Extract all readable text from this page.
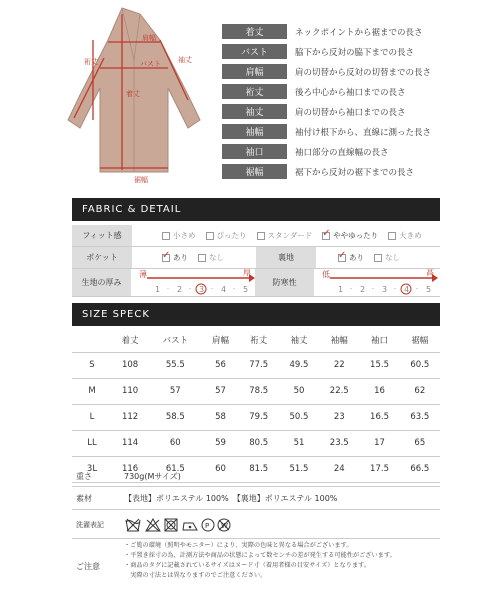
肩幅
バスト
裄丈	袖丈
着丈
裾幅
着丈	ネックポイントから裾までの長さ
バスト	脇下から反対の脇下までの長さ
肩幅	肩の切替から反対の切替までの長さ
裄丈	後ろ中心から袖口までの長さ
袖丈	肩の切替から袖口までの長さ
袖幅	袖付け根下から、直線に測った長さ
袖口	袖口部分の直線幅の長さ
裾幅	裾下から反対の裾下までの長さ
FABRIC & DETAIL
フィット感	小さめ	ぴったり	スタンダード ✓	ややゆったり	大きめ
ポケット ✓	あり	なし	裏地 ✓	あり	なし
生地の厚み
薄	厚
1 ・ 2 ・ 3 ・ 4 ・ 5
防寒性
低	高
1 ・ 2 ・ 3 ・ 4 ・ 5
SIZE SPECK
	着丈	バスト	肩幅	裄丈	袖丈	袖幅	袖口	裾幅
S	108	55.5	56	77.5	49.5	22	15.5	60.5
M	110	57	57	78.5	50	22.5	16	62
L	112	58.5	58	79.5	50.5	23	16.5	63.5
LL	114	60	59	80.5	51	23.5	17	65
3L	116	61.5	60	81.5	51.5	24	17.5	66.5
重さ	730g(Mサイズ)
素材	【表地】ポリエステル 100%　【裏地】ポリエステル 100%
洗濯表記	P W
ご注意
・ご覧の環境（照明やモニター）により、実際の色味と異なる場合がございます。
・平置き採寸の為、計測方法や商品の状態によって数センチの差が発生する可能性がございます。
・商品のタグに記載されているサイズはヌード寸（着用者様の目安サイズ）となります。
　実際の寸法とは異なりますのでご注意ください。
